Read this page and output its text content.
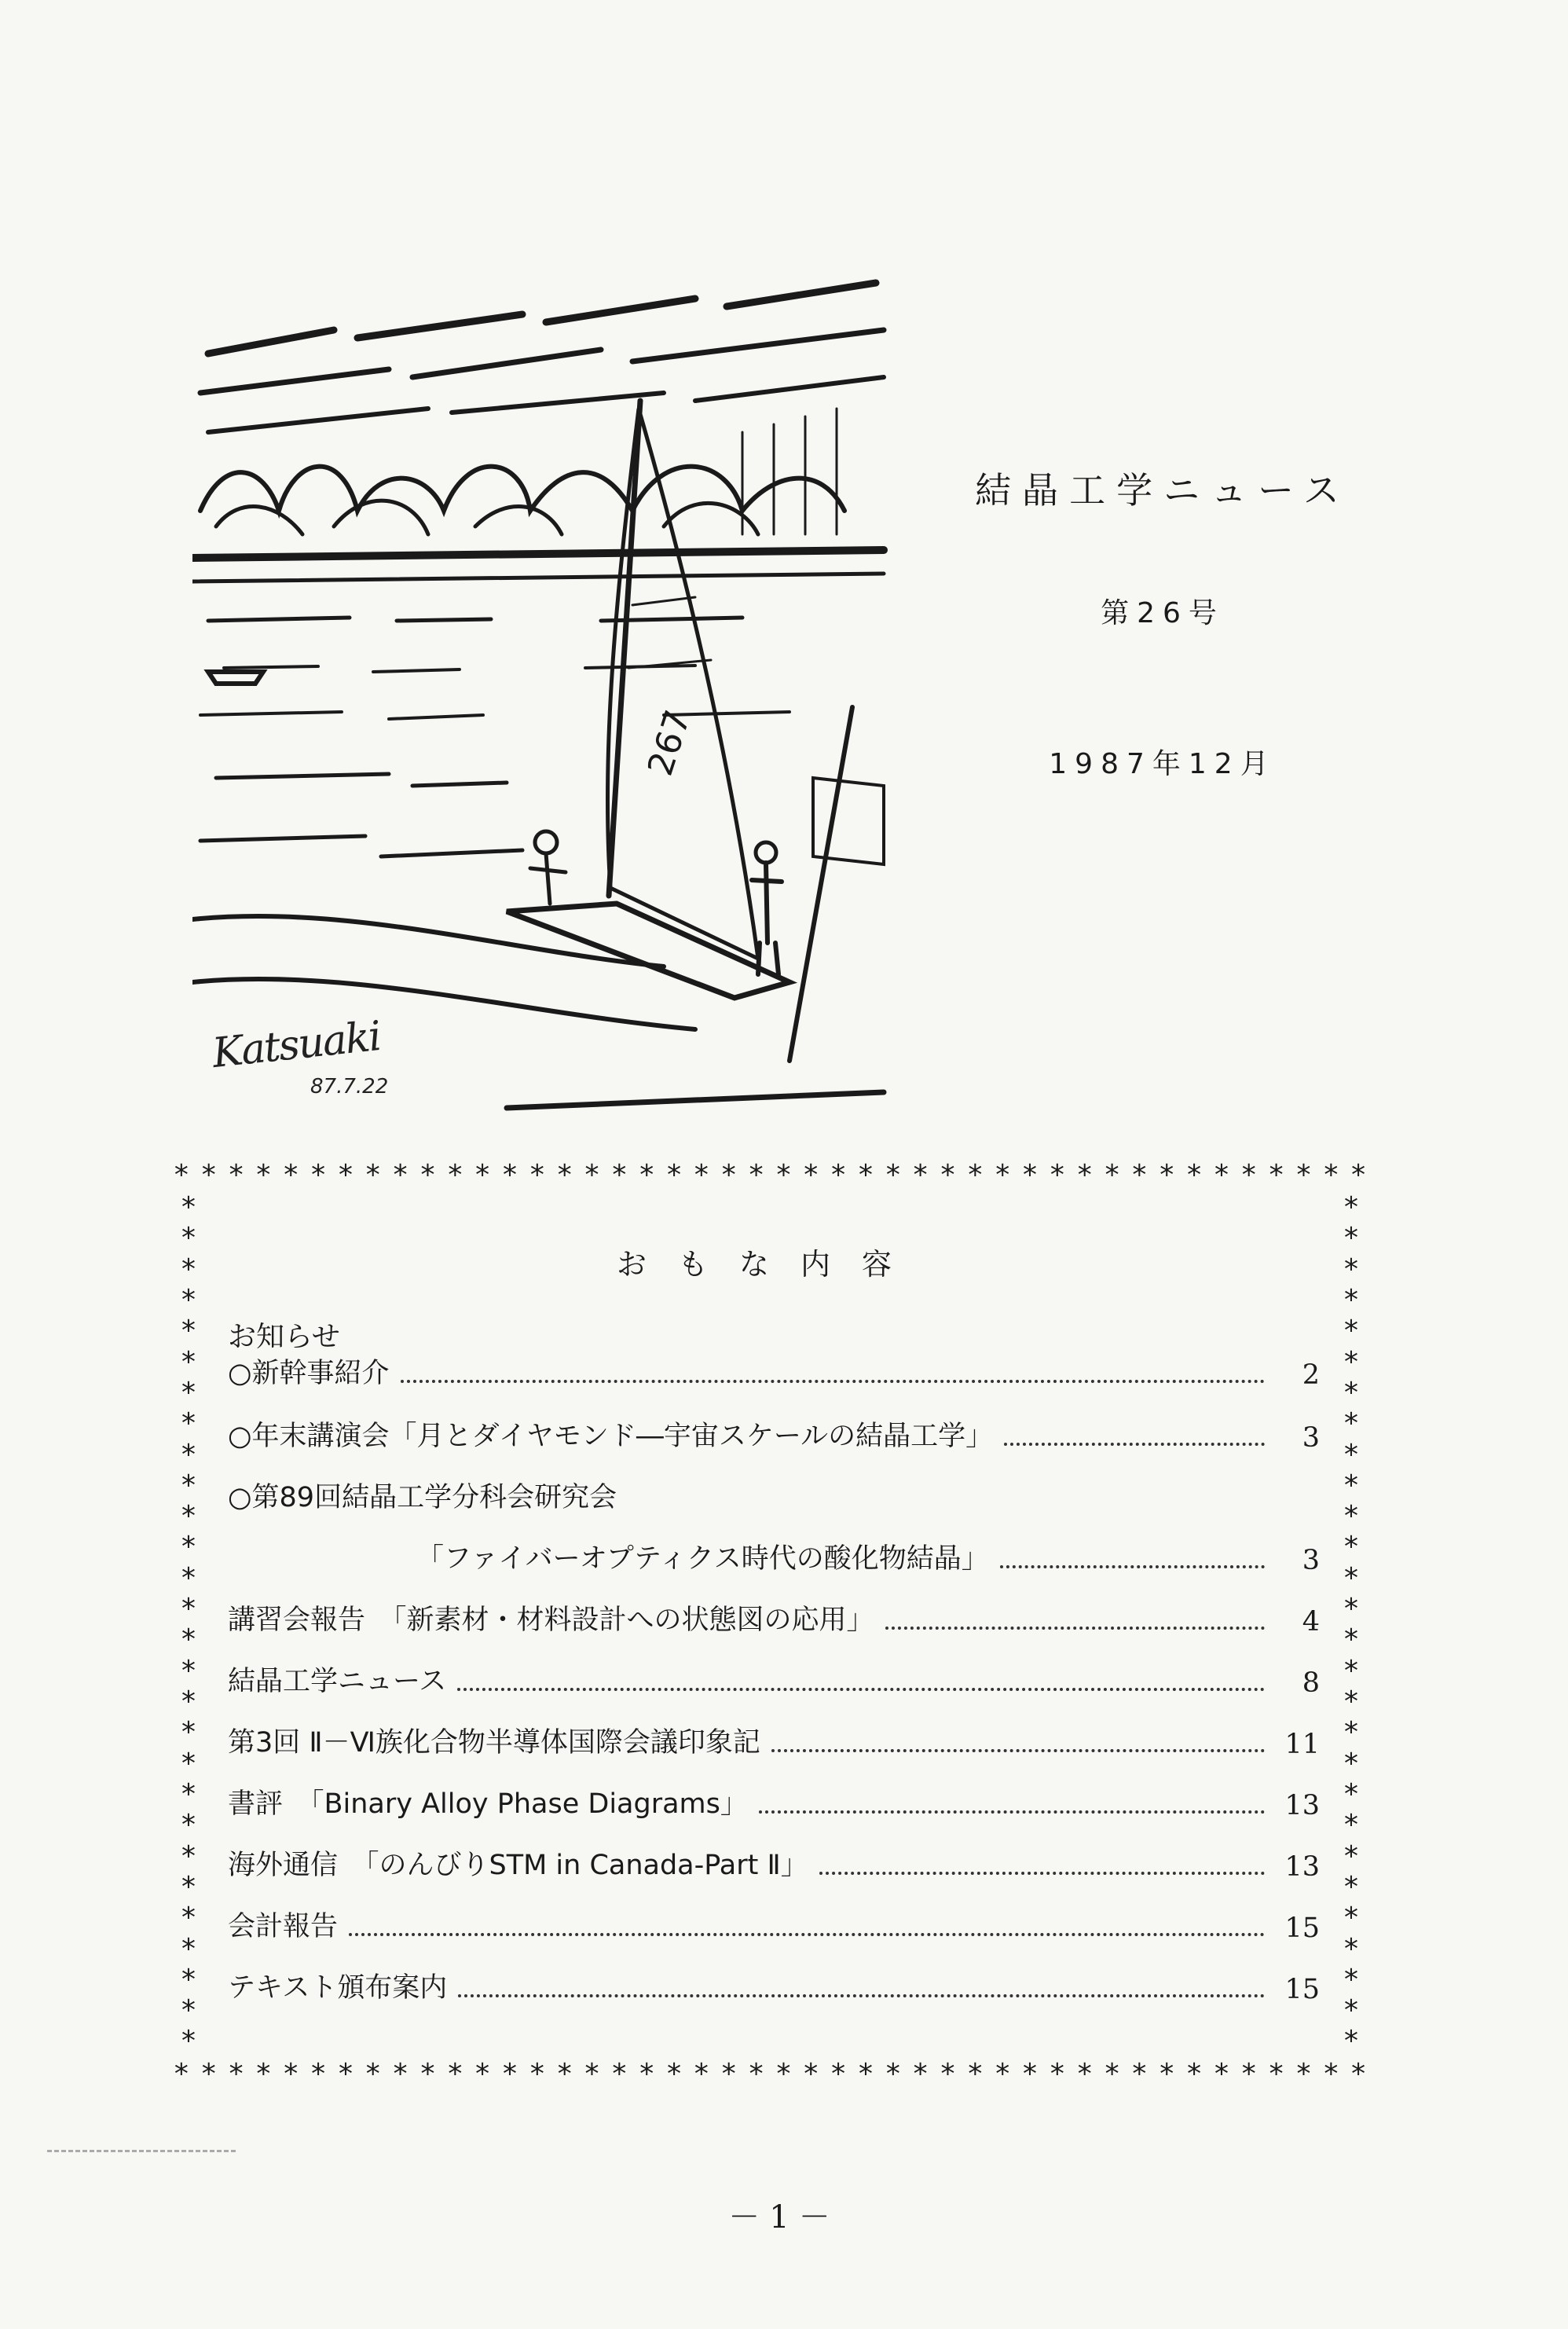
267
Katsuaki
87.7.22
結晶工学ニュース
第26号
1987年12月
* * * * * * * * * * * * * * * * * * * * * * * * * * * * * * * * * * * * * * * * * * * *
* * * * * * * * * * * * * * * * * * * * * * * * * * * * * * * * * * * * * * * * * * * *
*
*
*
*
*
*
*
*
*
*
*
*
*
*
*
*
*
*
*
*
*
*
*
*
*
*
*
*
*
*
*
*
*
*
*
*
*
*
*
*
*
*
*
*
*
*
*
*
*
*
*
*
*
*
*
*
おもな内容
お知らせ
○新幹事紹介	2
○年末講演会「月とダイヤモンド―宇宙スケールの結晶工学」	3
○第89回結晶工学分科会研究会
「ファイバーオプティクス時代の酸化物結晶」	3
講習会報告　「新素材・材料設計への状態図の応用」	4
結晶工学ニュース	8
第3回 Ⅱ－Ⅵ族化合物半導体国際会議印象記	11
書評　「Binary Alloy Phase Diagrams」	13
海外通信　「のんびりSTM in Canada-Part Ⅱ」	13
会計報告	15
テキスト頒布案内	15
－1－
